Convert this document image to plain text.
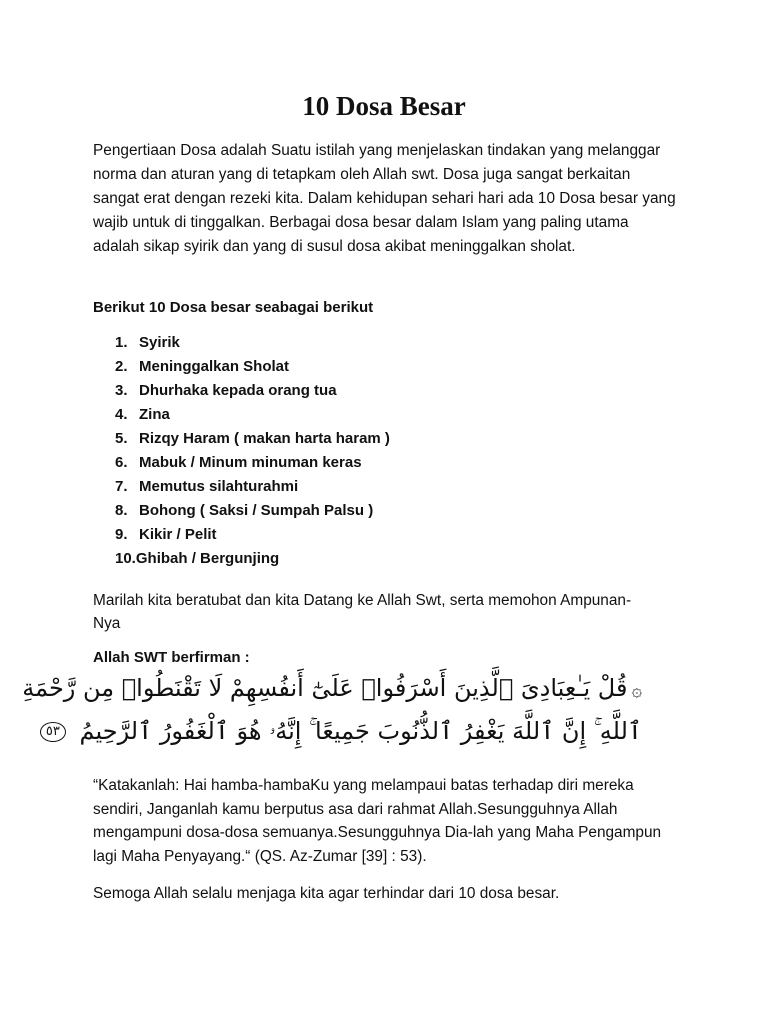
10 Dosa Besar

Pengertiaan Dosa adalah Suatu istilah yang menjelaskan tindakan yang melanggar norma dan aturan yang di tetapkam oleh Allah swt. Dosa juga sangat berkaitan sangat erat dengan rezeki kita. Dalam kehidupan sehari hari ada 10 Dosa besar yang wajib untuk di tinggalkan. Berbagai dosa besar dalam Islam yang paling utama adalah sikap syirik dan yang di susul dosa akibat meninggalkan sholat.

Berikut 10 Dosa besar seabagai berikut

1. Syirik
2. Meninggalkan Sholat
3. Dhurhaka kepada orang tua
4. Zina
5. Rizqy Haram ( makan harta haram )
6. Mabuk / Minum minuman keras
7. Memutus silahturahmi
8. Bohong ( Saksi / Sumpah Palsu )
9. Kikir / Pelit
10.Ghibah / Bergunjing

Marilah kita beratubat dan kita Datang ke Allah Swt, serta memohon Ampunan-Nya

Allah SWT berfirman :

۞قُلْ يَـٰعِبَادِىَ ٱلَّذِينَ أَسْرَفُوا۟ عَلَىٰٓ أَنفُسِهِمْ لَا تَقْنَطُوا۟ مِن رَّحْمَةِ
ٱللَّهِ ۚ إِنَّ ٱللَّهَ يَغْفِرُ ٱلذُّنُوبَ جَمِيعًا ۚ إِنَّهُۥ هُوَ ٱلْغَفُورُ ٱلرَّحِيمُ ٥٣

“Katakanlah: Hai hamba-hambaKu yang melampaui batas terhadap diri mereka sendiri, Janganlah kamu berputus asa dari rahmat Allah.Sesungguhnya Allah mengampuni dosa-dosa semuanya.Sesungguhnya Dia-lah yang Maha Pengampun lagi Maha Penyayang.“ (QS. Az-Zumar [39] : 53).

Semoga Allah selalu menjaga kita agar terhindar dari 10 dosa besar.
